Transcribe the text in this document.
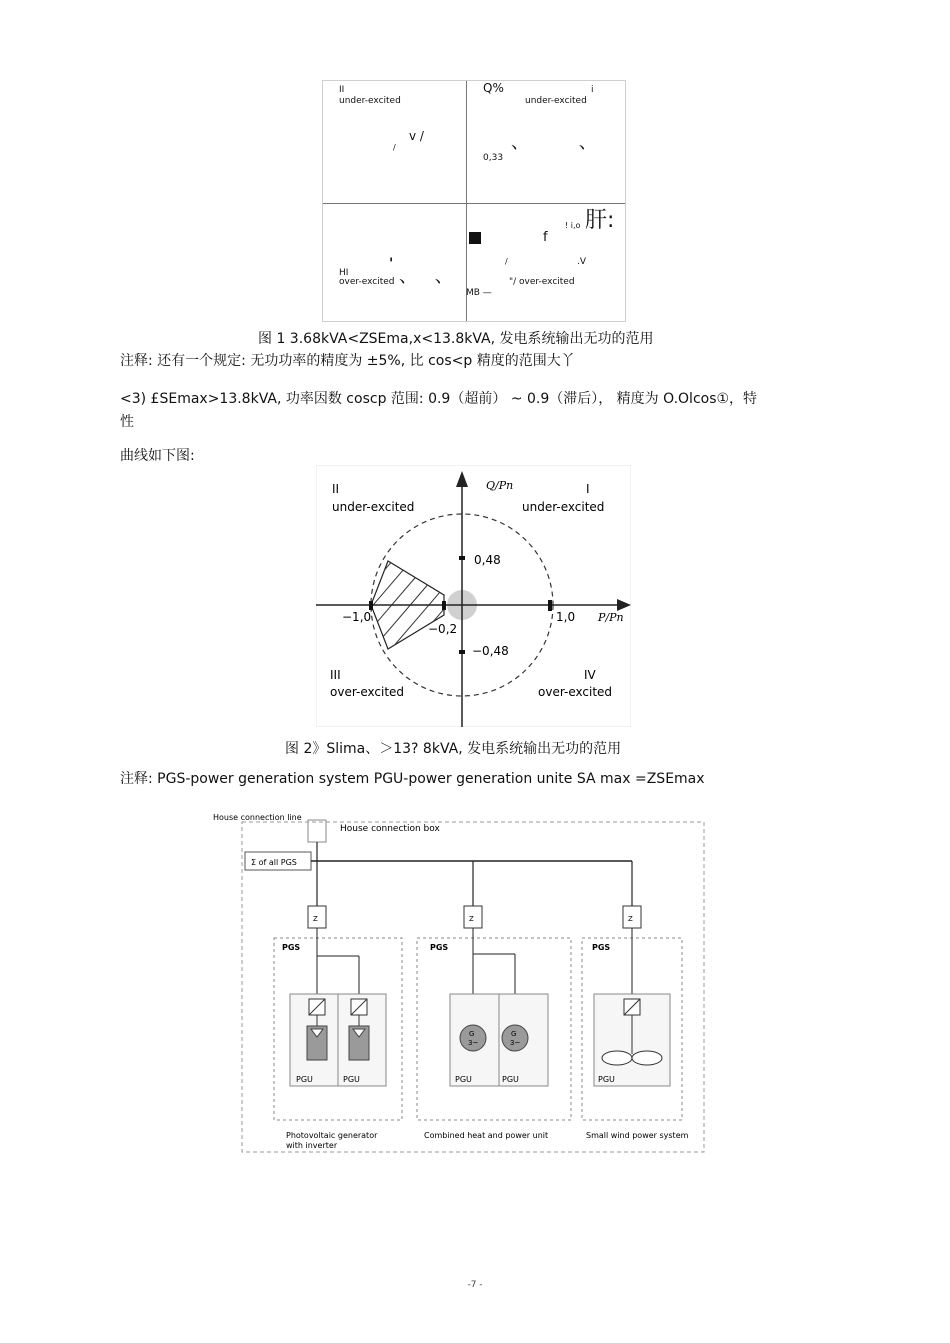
II
under-excited
Q%	i
under-excited
v /
/
0,33
、 、
! i,o 肝:
f
/	.V
HI
'
over-excited 、 、
MB —
"/ over-excited
图 1 3.68kVA<ZSEma,x<13.8kVA, 发电系统输出无功的范用
注释: 还有一个规定: 无功功率的精度为 ±5%, 比 cos<p 精度的范围大丫
<3) £SEmax>13.8kVA, 功率因数 coscp 范围: 0.9（超前） ~ 0.9（滞后）， 精度为 O.Olcos①，特
性
曲线如下图:
II
under-excited
Q/Pn	I
under-excited
0,48
−1,0
−0,2
1,0 P/Pn
−0,48
III
over-excited
IV
over-excited
图 2》Slima、＞13? 8kVA, 发电系统输出无功的范用
注释: PGS-power generation system PGU-power generation unite SA max =ZSEmax
House connection line
House connection box
Σ of all PGS
Z	Z	Z
PGS
PGU	PGU
Photovoltaic generator
with inverter
PGS
G
3~
G
3~
PGU	PGU
Combined heat and power unit
PGS
PGU
Small wind power system
-7 -
